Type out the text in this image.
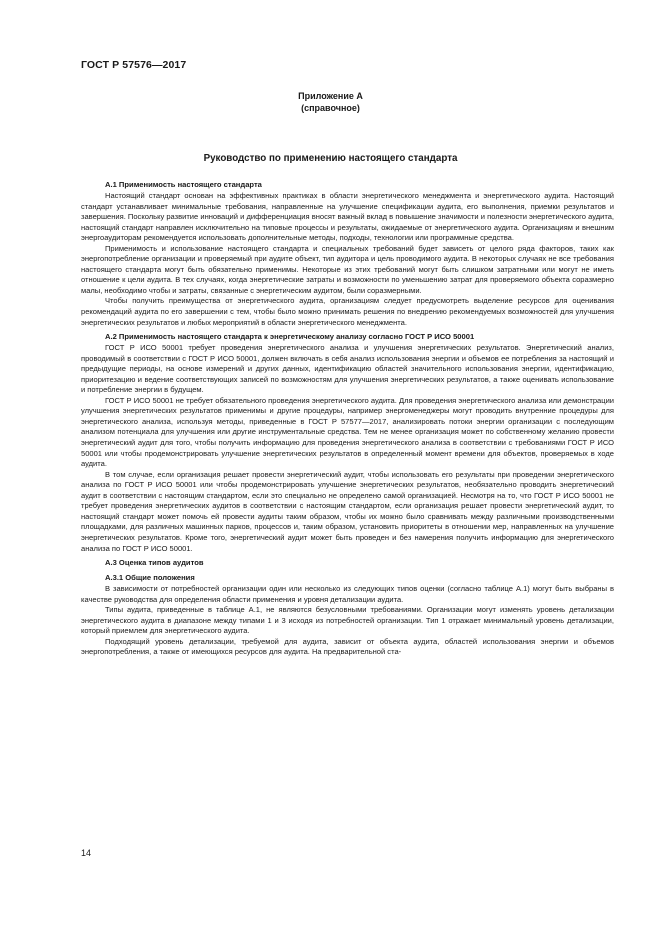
ГОСТ Р 57576—2017
Приложение А
(справочное)
Руководство по применению настоящего стандарта
А.1 Применимость настоящего стандарта

Настоящий стандарт основан на эффективных практиках в области энергетического менеджмента и энергетического аудита. Настоящий стандарт устанавливает минимальные требования, направленные на улучшение спецификации аудита, его выполнения, приемки результатов и завершения. Поскольку развитие инноваций и дифференциация вносят важный вклад в повышение значимости и полезности энергетического аудита, настоящий стандарт направлен исключительно на типовые процессы и результаты, ожидаемые от энергетического аудита. Организациям и внешним энергоаудиторам рекомендуется использовать дополнительные методы, подходы, технологии или программные средства.

Применимость и использование настоящего стандарта и специальных требований будет зависеть от целого ряда факторов, таких как энергопотребление организации и проверяемый при аудите объект, тип аудитора и цель проводимого аудита. В некоторых случаях не все требования настоящего стандарта могут быть обязательно применимы. Некоторые из этих требований могут быть слишком затратными или могут не иметь отношение к цели аудита. В тех случаях, когда энергетические затраты и возможности по уменьшению затрат для проверяемого объекта соразмерно малы, необходимо чтобы и затраты, связанные с энергетическим аудитом, были соразмерными.

Чтобы получить преимущества от энергетического аудита, организациям следует предусмотреть выделение ресурсов для оценивания рекомендаций аудита по его завершении с тем, чтобы было можно принимать решения по внедрению рекомендуемых возможностей для улучшения энергетических результатов и любых мероприятий в области энергетического менеджмента.

А.2 Применимость настоящего стандарта к энергетическому анализу согласно ГОСТ Р ИСО 50001

ГОСТ Р ИСО 50001 требует проведения энергетического анализа и улучшения энергетических результатов. Энергетический анализ, проводимый в соответствии с ГОСТ Р ИСО 50001, должен включать в себя анализ использования энергии и объемов ее потребления за настоящий и предыдущие периоды, на основе измерений и других данных, идентификацию областей значительного использования энергии, идентификацию, приоритезацию и ведение соответствующих записей по возможностям для улучшения энергетических результатов, а также оценивать использование и потребление энергии в будущем.

ГОСТ Р ИСО 50001 не требует обязательного проведения энергетического аудита. Для проведения энергетического анализа или демонстрации улучшения энергетических результатов применимы и другие процедуры, например энергоменеджеры могут проводить внутренние процедуры для энергетического анализа, используя методы, приведенные в ГОСТ Р 57577—2017, анализировать потоки энергии организации с последующим анализом потенциала для улучшения или другие инструментальные средства. Тем не менее организация может по собственному желанию провести энергетический аудит для того, чтобы получить информацию для проведения энергетического анализа в соответствии с требованиями ГОСТ Р ИСО 50001 или чтобы продемонстрировать улучшение энергетических результатов в определенный момент времени для объектов, проверяемых в ходе аудита.

В том случае, если организация решает провести энергетический аудит, чтобы использовать его результаты при проведении энергетического анализа по ГОСТ Р ИСО 50001 или чтобы продемонстрировать улучшение энергетических результатов, необязательно проводить энергетический аудит в соответствии с настоящим стандартом, если это специально не определено самой организацией. Несмотря на то, что ГОСТ Р ИСО 50001 не требует проведения энергетических аудитов в соответствии с настоящим стандартом, если организация решает провести энергетический аудит, то настоящий стандарт может помочь ей провести аудиты таким образом, чтобы их можно было сравнивать между различными производственными площадками, для различных машинных парков, процессов и, таким образом, установить приоритеты в отношении мер, направленных на улучшение энергетических результатов. Кроме того, энергетический аудит может быть проведен и без намерения получить информацию для энергетического анализа по ГОСТ Р ИСО 50001.

А.3 Оценка типов аудитов
А.3.1 Общие положения

В зависимости от потребностей организации один или несколько из следующих типов оценки (согласно таблице А.1) могут быть выбраны в качестве руководства для определения области применения и уровня детализации аудита.

Типы аудита, приведенные в таблице А.1, не являются безусловными требованиями. Организации могут изменять уровень детализации энергетического аудита в диапазоне между типами 1 и 3 исходя из потребностей организации. Тип 1 отражает минимальный уровень детализации, который приемлем для энергетического аудита.

Подходящий уровень детализации, требуемой для аудита, зависит от объекта аудита, областей использования энергии и объемов энергопотребления, а также от имеющихся ресурсов для аудита. На предварительной ста-

14
